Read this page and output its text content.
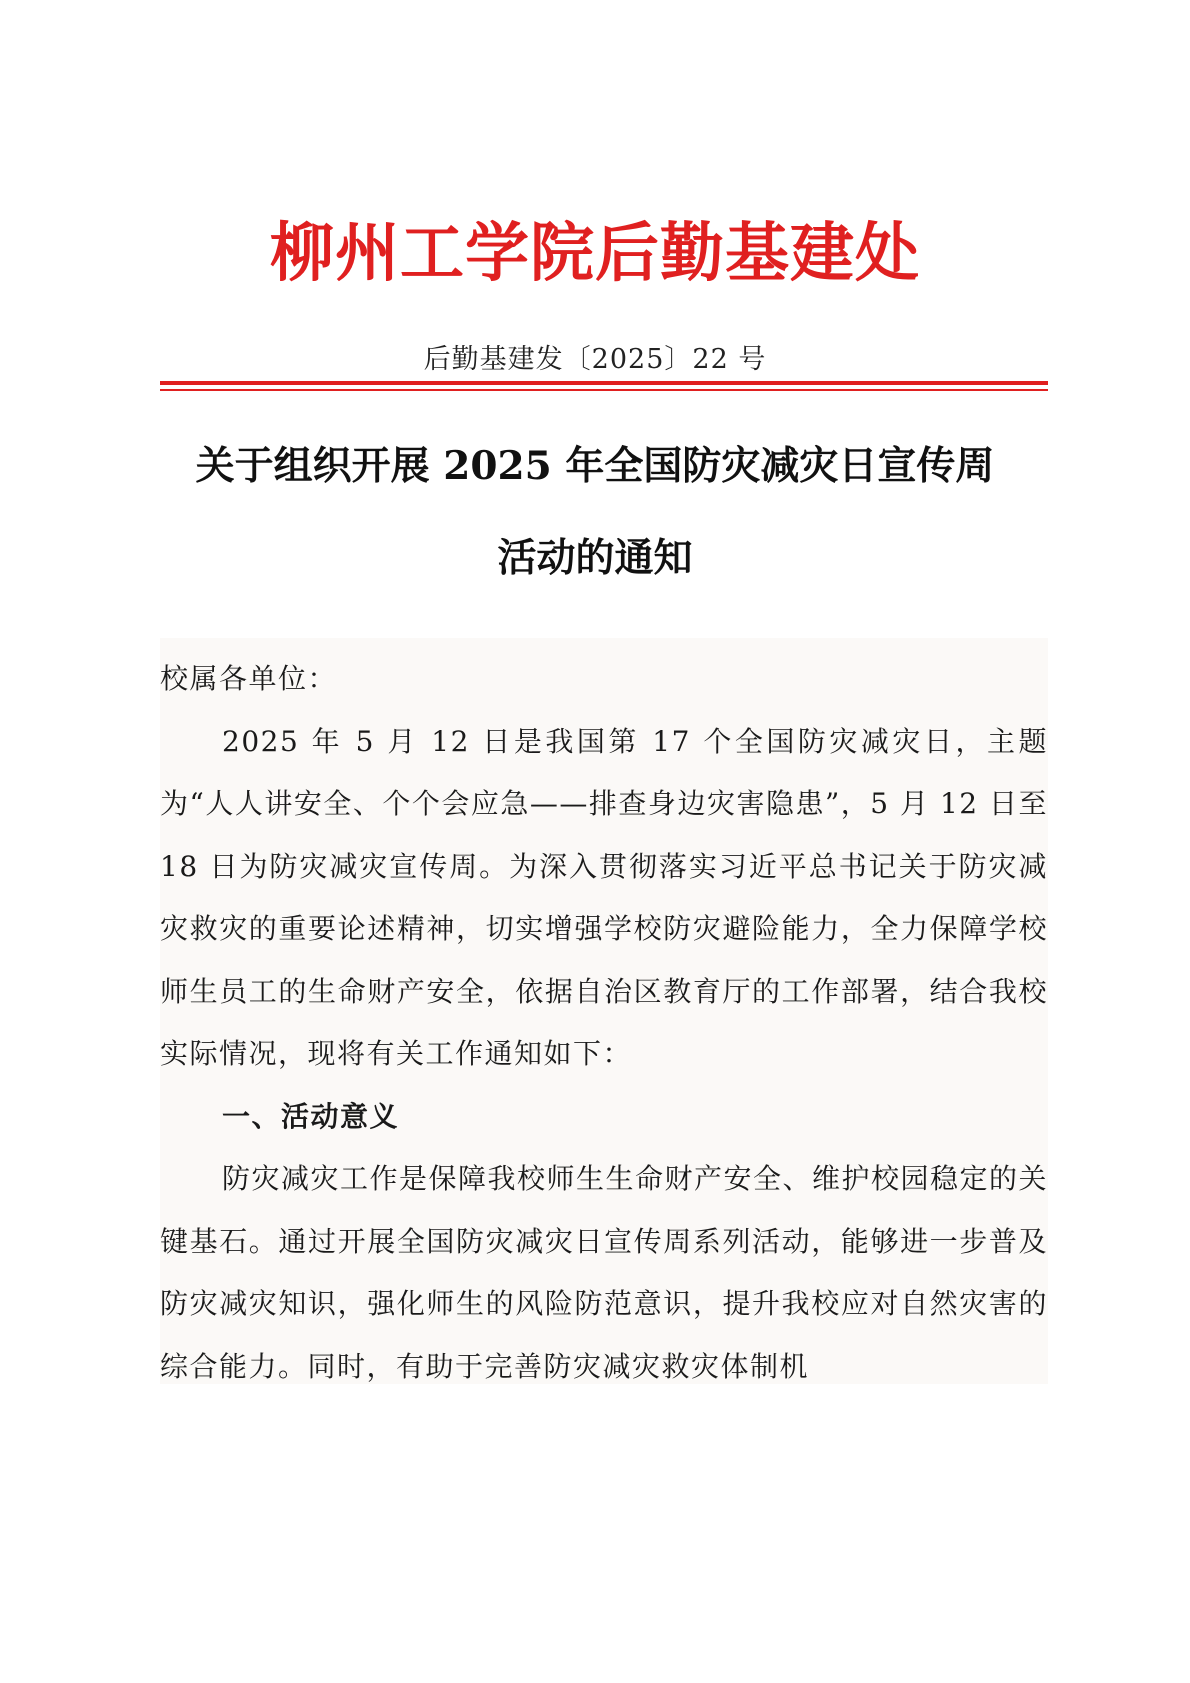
柳州工学院后勤基建处
后勤基建发〔2025〕22 号
关于组织开展 2025 年全国防灾减灾日宣传周
活动的通知

校属各单位：

2025 年 5 月 12 日是我国第 17 个全国防灾减灾日，主题为“人人讲安全、个个会应急——排查身边灾害隐患”，5 月 12 日至 18 日为防灾减灾宣传周。为深入贯彻落实习近平总书记关于防灾减灾救灾的重要论述精神，切实增强学校防灾避险能力，全力保障学校师生员工的生命财产安全，依据自治区教育厅的工作部署，结合我校实际情况，现将有关工作通知如下：

一、活动意义

防灾减灾工作是保障我校师生生命财产安全、维护校园稳定的关键基石。通过开展全国防灾减灾日宣传周系列活动，能够进一步普及防灾减灾知识，强化师生的风险防范意识，提升我校应对自然灾害的综合能力。同时，有助于完善防灾减灾救灾体制机
